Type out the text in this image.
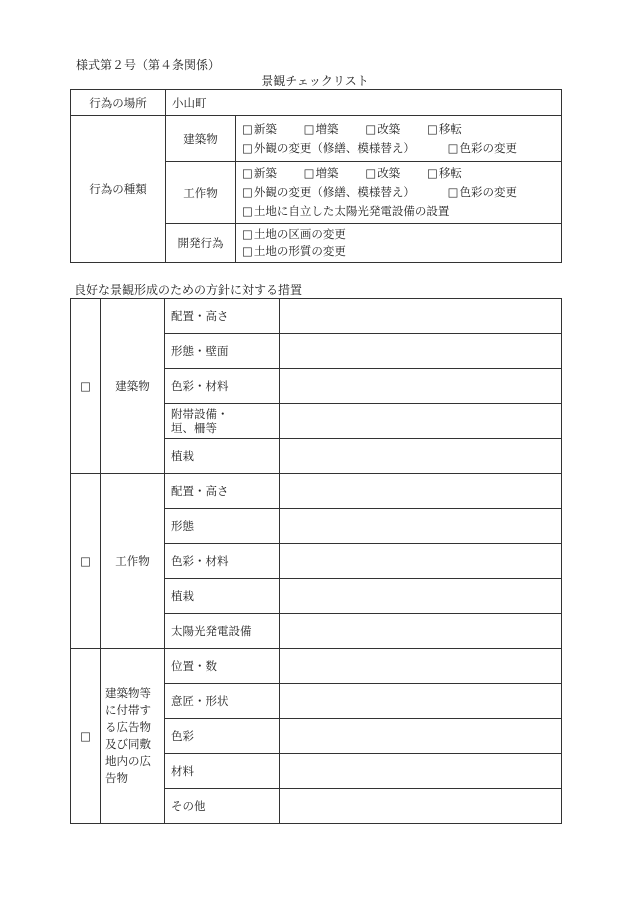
様式第２号（第４条関係）
景観チェックリスト
行為の場所	小山町	
行為の種類	建築物	□新築 □増築 □改築 □移転
□外観の変更（修繕、模様替え） □色彩の変更

	工作物	□新築 □増築 □改築 □移転
□外観の変更（修繕、模様替え） □色彩の変更
□土地に自立した太陽光発電設備の設置

	開発行為	□土地の区画の変更
□土地の形質の変更
良好な景観形成のための方針に対する措置
□	建築物	配置・高さ	
		形態・壁面	
		色彩・材料	
		附帯設備・
垣、柵等	
		植栽	
□	工作物	配置・高さ	
		形態	
		色彩・材料	
		植栽	
		太陽光発電設備	
□	建築物等に付帯する広告物及び同敷地内の広告物	位置・数	
		意匠・形状	
		色彩	
		材料	
		その他	
